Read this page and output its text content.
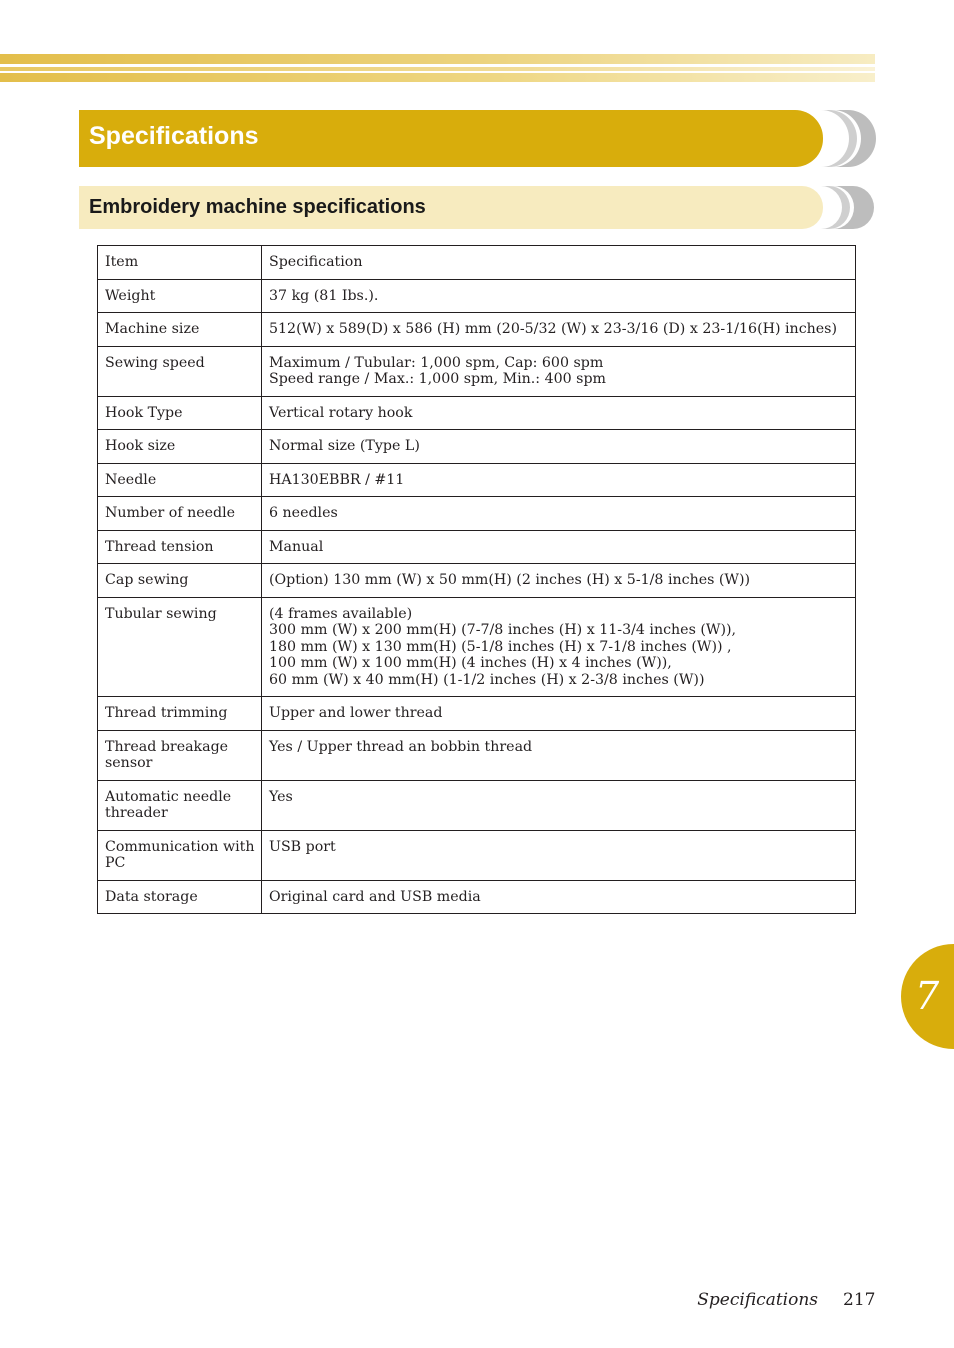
Specifications
Embroidery machine specifications
Item	Specification

Weight	37 kg (81 Ibs.).

Machine size	512(W) x 589(D) x 586 (H) mm (20-5/32 (W) x 23-3/16 (D) x 23-1/16(H) inches)

Sewing speed	Maximum / Tubular: 1,000 spm, Cap: 600 spm
Speed range / Max.: 1,000 spm, Min.: 400 spm

Hook Type	Vertical rotary hook

Hook size	Normal size (Type L)

Needle	HA130EBBR / #11

Number of needle	6 needles

Thread tension	Manual

Cap sewing	(Option) 130 mm (W) x 50 mm(H) (2 inches (H) x 5-1/8 inches (W))

Tubular sewing	(4 frames available)
300 mm (W) x 200 mm(H) (7-7/8 inches (H) x 11-3/4 inches (W)),
180 mm (W) x 130 mm(H) (5-1/8 inches (H) x 7-1/8 inches (W)) ,
100 mm (W) x 100 mm(H) (4 inches (H) x 4 inches (W)),
60 mm (W) x 40 mm(H) (1-1/2 inches (H) x 2-3/8 inches (W))

Thread trimming	Upper and lower thread

Thread breakage sensor	Yes / Upper thread an bobbin thread

Automatic needle threader	Yes

Communication with PC	USB port

Data storage	Original card and USB media
7
Specifications 217
